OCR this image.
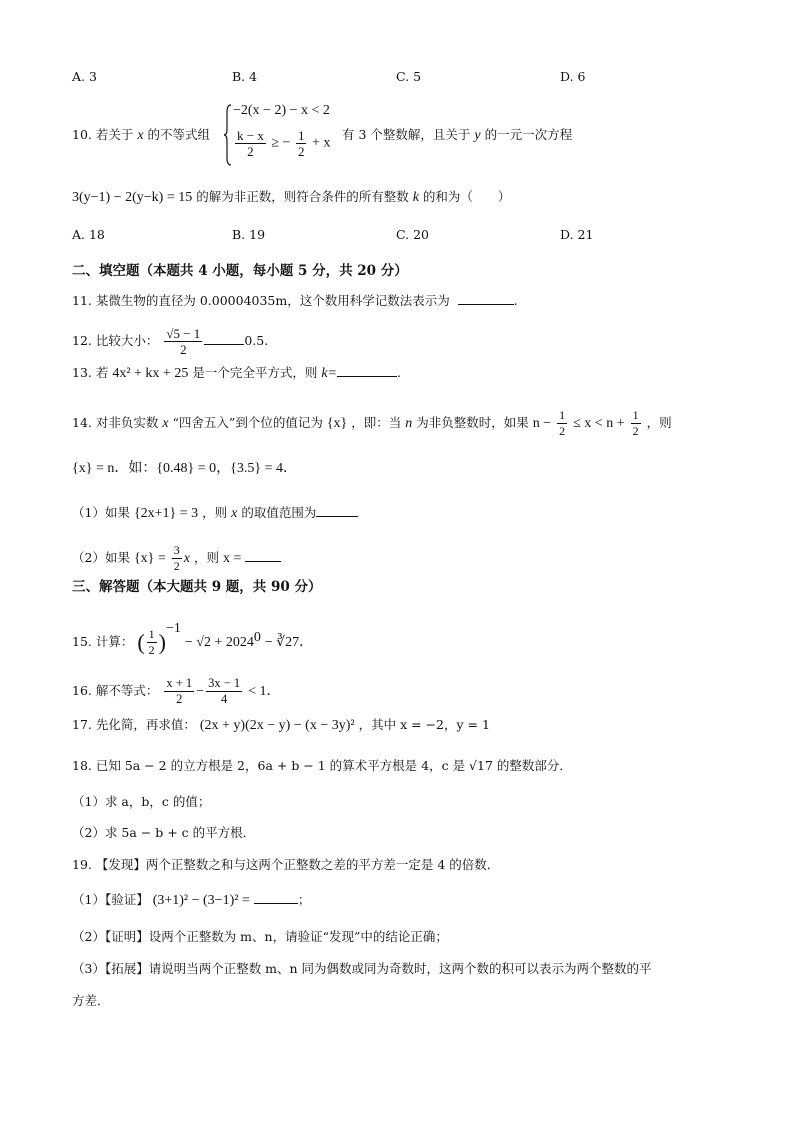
A. 3	B. 4	C. 5	D. 6
10. 若关于 x 的不等式组
−2(x − 2) − x < 2
$\frac{k - x}{2}$ ≥ − $\frac{1}{2} + x$
有 3 个整数解，且关于 y 的一元一次方程
3(y−1) − 2(y−k) = 15 的解为非正数，则符合条件的所有整数 k 的和为（　　）
A. 18	B. 19	C. 20	D. 21
二、填空题（本题共 4 小题，每小题 5 分，共 20 分）
11. 某微生物的直径为 0.00004035m，这个数用科学记数法表示为	.
12. 比较大小： $\frac{√5 - 1}{2}$	0.5.
13. 若 4x² + kx + 25 是一个完全平方式，则 k=	.
14. 对非负实数 x “四舍五入”到个位的值记为 {x} ，即：当 n 为非负整数时，如果 $n - \frac{1}{2} \le x < n + \frac{1}{2}$ ，则
{x} = n．如：{0.48} = 0，{3.5} = 4．
（1）如果 {2x+1} = 3 ，则 x 的取值范围为
（2）如果 $\{x\} = \frac{3}{2}$ x ，则 x =
三、解答题（本大题共 9 题，共 90 分）
15. 计算： ( $\frac{1}{2} )^{-1} - √2 + 2024^0$ − ∛27．
16. 解不等式： $\frac{x + 1}{2} - \frac{3x - 1}{4} < 1$．
17. 先化简，再求值： (2x + y)(2x − y) − (x − 3y)² ，其中 x = −2，y = 1
18. 已知 5a − 2 的立方根是 2，6a + b − 1 的算术平方根是 4，c 是 √17 的整数部分．
（1）求 a，b，c 的值；
（2）求 5a − b + c 的平方根．
19. 【发现】两个正整数之和与这两个正整数之差的平方差一定是 4 的倍数．
（1）【验证】 (3+1)² − (3−1)² =	；
（2）【证明】设两个正整数为 m、n，请验证“发现”中的结论正确；
（3）【拓展】请说明当两个正整数 m、n 同为偶数或同为奇数时，这两个数的积可以表示为两个整数的平
方差．
